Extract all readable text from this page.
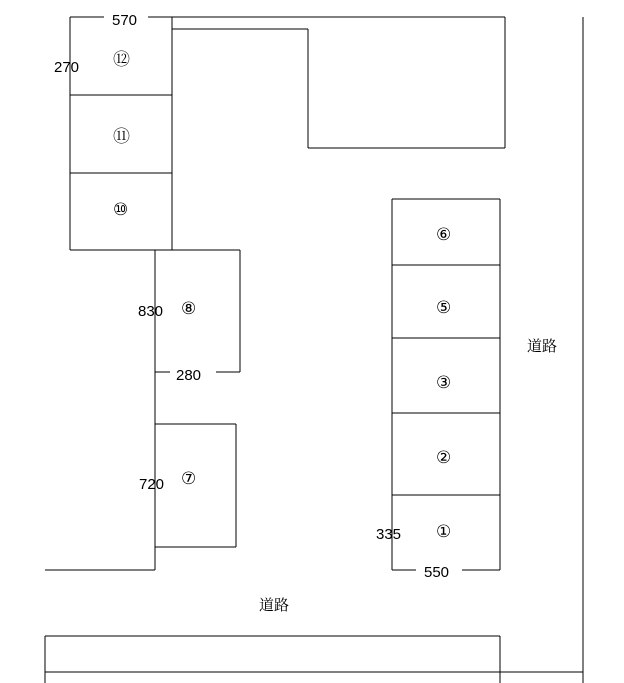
⑫
⑪
⑩
⑧
⑦
⑥
⑤
③
②
①
570
270
830
280
720
335
550
道路
道路
